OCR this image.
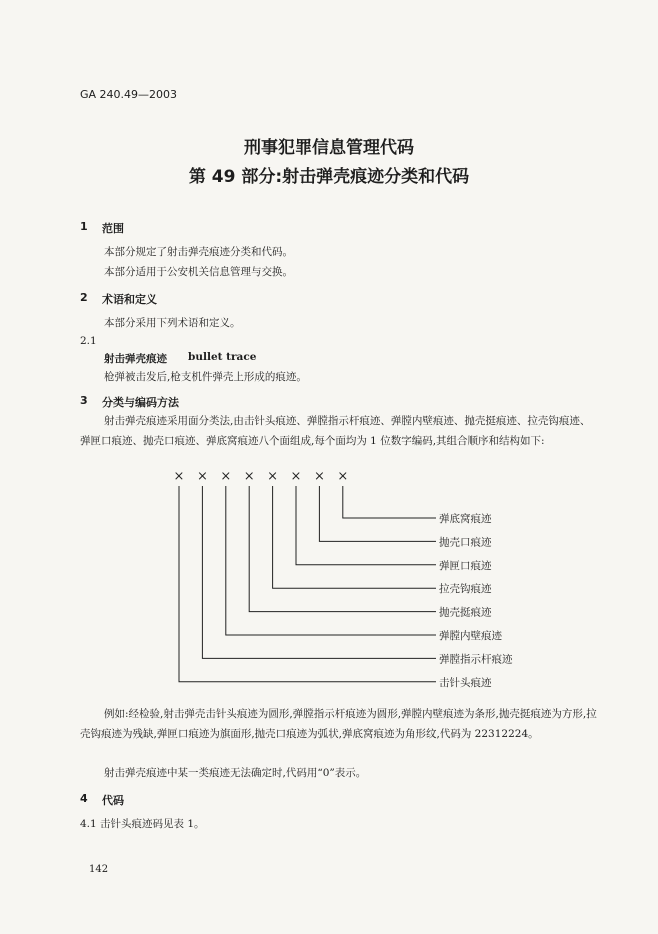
GA 240.49—2003
刑事犯罪信息管理代码
第 49 部分:射击弹壳痕迹分类和代码
1 范围
本部分规定了射击弹壳痕迹分类和代码。
本部分适用于公安机关信息管理与交换。
2 术语和定义
本部分采用下列术语和定义。
2.1
射击弹壳痕迹 bullet trace
枪弹被击发后,枪支机件弹壳上形成的痕迹。
3 分类与编码方法
射击弹壳痕迹采用面分类法,由击针头痕迹、弹膛指示杆痕迹、弹膛内壁痕迹、抛壳挺痕迹、拉壳钩痕迹、弹匣口痕迹、抛壳口痕迹、弹底窝痕迹八个面组成,每个面均为 1 位数字编码,其组合顺序和结构如下:
× × × × × × × ×
弹底窝痕迹
抛壳口痕迹
弹匣口痕迹
拉壳钩痕迹
抛壳挺痕迹
弹膛内壁痕迹
弹膛指示杆痕迹
击针头痕迹
例如:经检验,射击弹壳击针头痕迹为圆形,弹膛指示杆痕迹为圆形,弹膛内壁痕迹为条形,抛壳挺痕迹为方形,拉壳钩痕迹为残缺,弹匣口痕迹为旗面形,抛壳口痕迹为弧状,弹底窝痕迹为角形纹,代码为 22312224。
射击弹壳痕迹中某一类痕迹无法确定时,代码用“0”表示。
4 代码
4.1 击针头痕迹码见表 1。
142
